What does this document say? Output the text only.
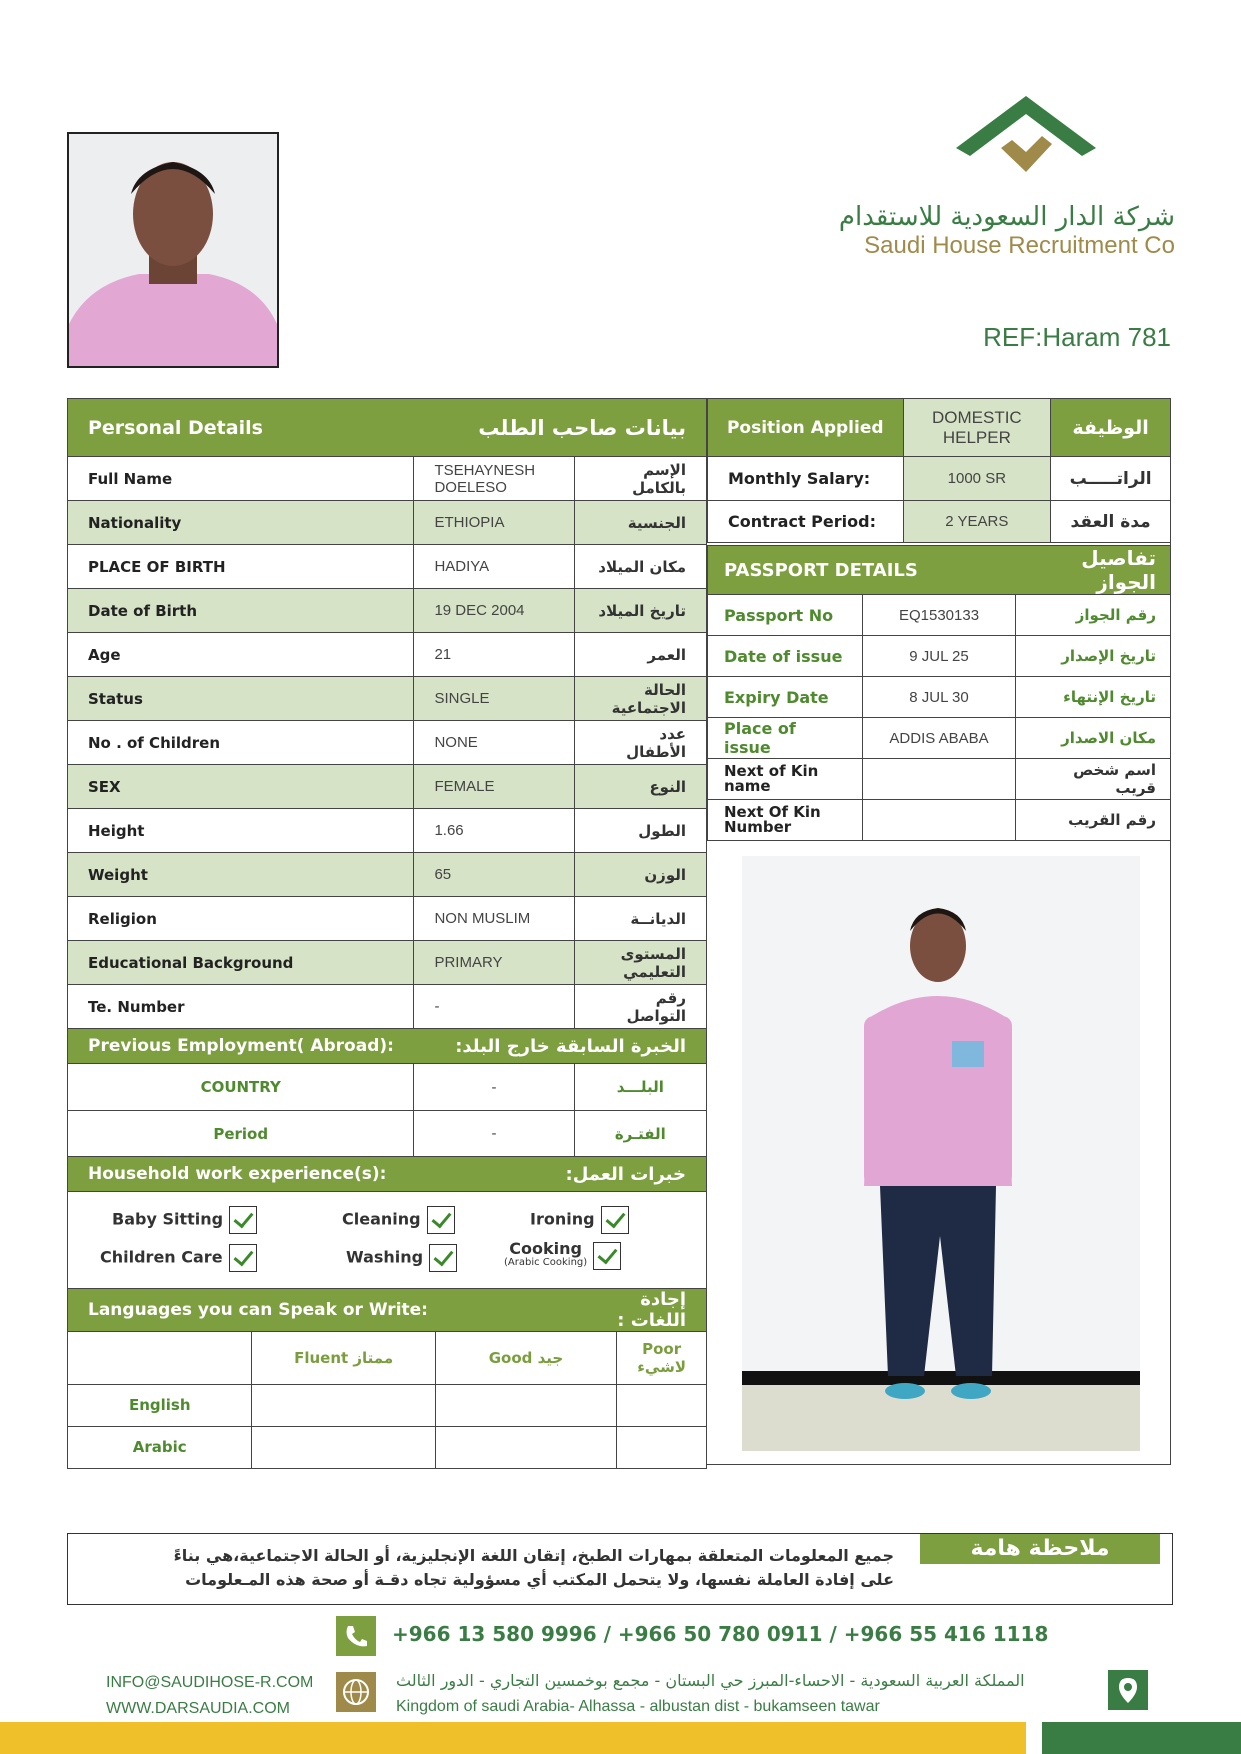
شركة الدار السعودية للاستقدام
Saudi House Recruitment Co
REF:Haram 781
Personal Details	بيانات صاحب الطلب
Full Name	TSEHAYNESH DOELESO	الإسم بالكامل
Nationality	ETHIOPIA	الجنسية
PLACE OF BIRTH	HADIYA	مكان الميلاد
Date of Birth	19 DEC 2004	تاريخ الميلاد
Age	21	العمر
Status	SINGLE	الحالة الاجتماعية
No . of Children	NONE	عدد الأطفال
SEX	FEMALE	النوع
Height	1.66	الطول
Weight	65	الوزن
Religion	NON MUSLIM	الديانــة
Educational Background	PRIMARY	المستوى التعليمي
Te. Number	-	رقم التواصل
Previous Employment( Abroad):	الخبرة السابقة خارج البلد:
COUNTRY	-	البلـــد
Period	-	الفتـرة
Household work experience(s):	خبرات العمل:

Baby Sitting	Cleaning	Ironing
Children Care	Washing	Cooking
(Arabic Cooking)

Languages you can Speak or Write:	إجادة اللغات :

	Fluent ممتاز	Good جيد	Poor لاشيء
English			
Arabic			
Position Applied	DOMESTIC HELPER	الوظيفة
Monthly Salary:	1000 SR	الراتـــــب
Contract Period:	2 YEARS	مدة العقد
PASSPORT DETAILS		تفاصيل الجواز
Passport No	EQ1530133	رقم الجواز
Date of issue	9 JUL 25	تاريخ الإصدار
Expiry Date	8 JUL 30	تاريخ الإنتهاء
Place of issue	ADDIS ABABA	مكان الاصدار
Next of Kin name		اسم شخص قريب
Next Of Kin Number		رقم القريب
ملاحظة هامة
جميع المعلومات المتعلقة بمهارات الطبخ، إتقان اللغة الإنجليزية، أو الحالة الاجتماعية،هي بناءً
على إفادة العاملة نفسها، ولا يتحمل المكتب أي مسؤولية تجاه دقـة أو صحة هذه المـعلومات
+966 13 580 9996 / +966 50 780 0911 / +966 55 416 1118
INFO@SAUDIHOSE-R.COM
WWW.DARSAUDIA.COM
المملكة العربية السعودية - الاحساء-المبرز حي البستان - مجمع بوخمسين التجاري - الدور الثالث
Kingdom of saudi Arabia- Alhassa - albustan dist - bukamseen tawar
